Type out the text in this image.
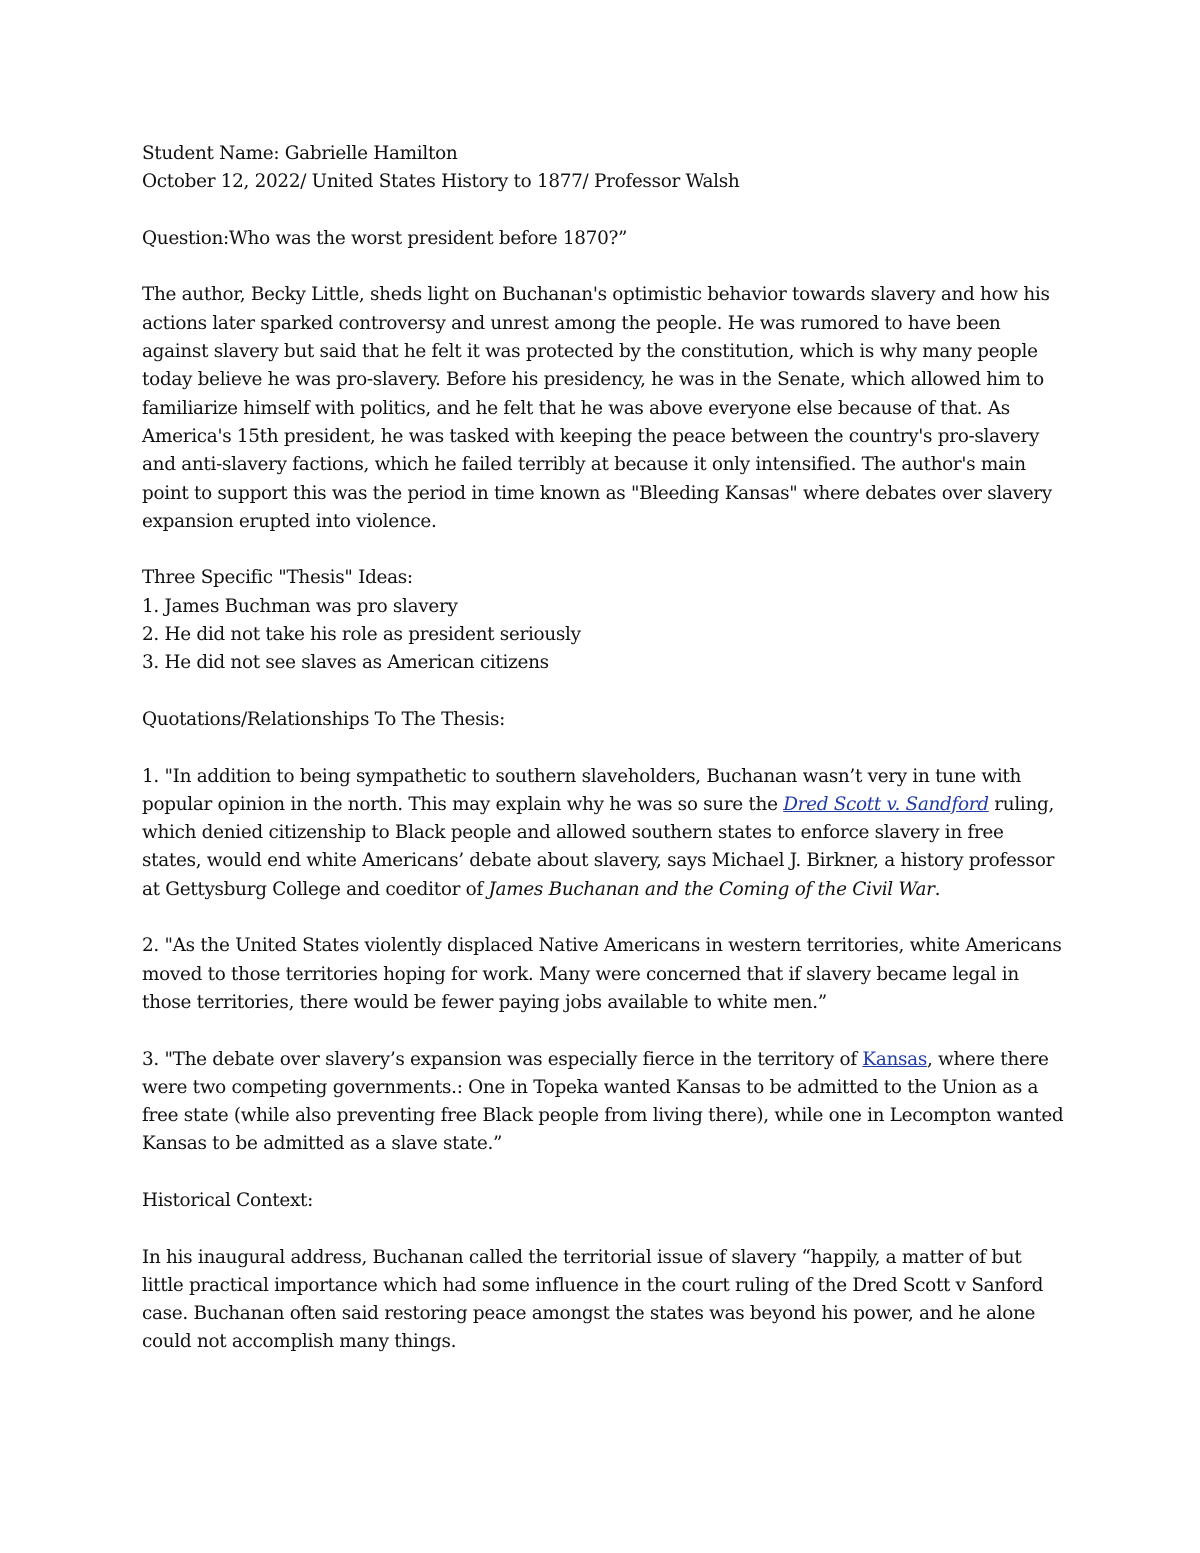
Student Name: Gabrielle Hamilton

October 12, 2022/ United States History to 1877/ Professor Walsh

Question:Who was the worst president before 1870?”

The author, Becky Little, sheds light on Buchanan's optimistic behavior towards slavery and how his actions later sparked controversy and unrest among the people. He was rumored to have been against slavery but said that he felt it was protected by the constitution, which is why many people today believe he was pro-slavery. Before his presidency, he was in the Senate, which allowed him to familiarize himself with politics, and he felt that he was above everyone else because of that. As America's 15th president, he was tasked with keeping the peace between the country's pro-slavery and anti-slavery factions, which he failed terribly at because it only intensified. The author's main point to support this was the period in time known as "Bleeding Kansas" where debates over slavery expansion erupted into violence.

Three Specific "Thesis" Ideas:

1. James Buchman was pro slavery

2. He did not take his role as president seriously

3. He did not see slaves as American citizens

Quotations/Relationships To The Thesis:

1. "In addition to being sympathetic to southern slaveholders, Buchanan wasn’t very in tune with popular opinion in the north. This may explain why he was so sure the Dred Scott v. Sandford ruling, which denied citizenship to Black people and allowed southern states to enforce slavery in free states, would end white Americans’ debate about slavery, says Michael J. Birkner, a history professor at Gettysburg College and coeditor of James Buchanan and the Coming of the Civil War.

2. "As the United States violently displaced Native Americans in western territories, white Americans moved to those territories hoping for work. Many were concerned that if slavery became legal in those territories, there would be fewer paying jobs available to white men.”

3. "The debate over slavery’s expansion was especially fierce in the territory of Kansas, where there were two competing governments.: One in Topeka wanted Kansas to be admitted to the Union as a free state (while also preventing free Black people from living there), while one in Lecompton wanted Kansas to be admitted as a slave state.”

Historical Context:

In his inaugural address, Buchanan called the territorial issue of slavery “happily, a matter of but little practical importance which had some influence in the court ruling of the Dred Scott v Sanford case. Buchanan often said restoring peace amongst the states was beyond his power, and he alone could not accomplish many things.
